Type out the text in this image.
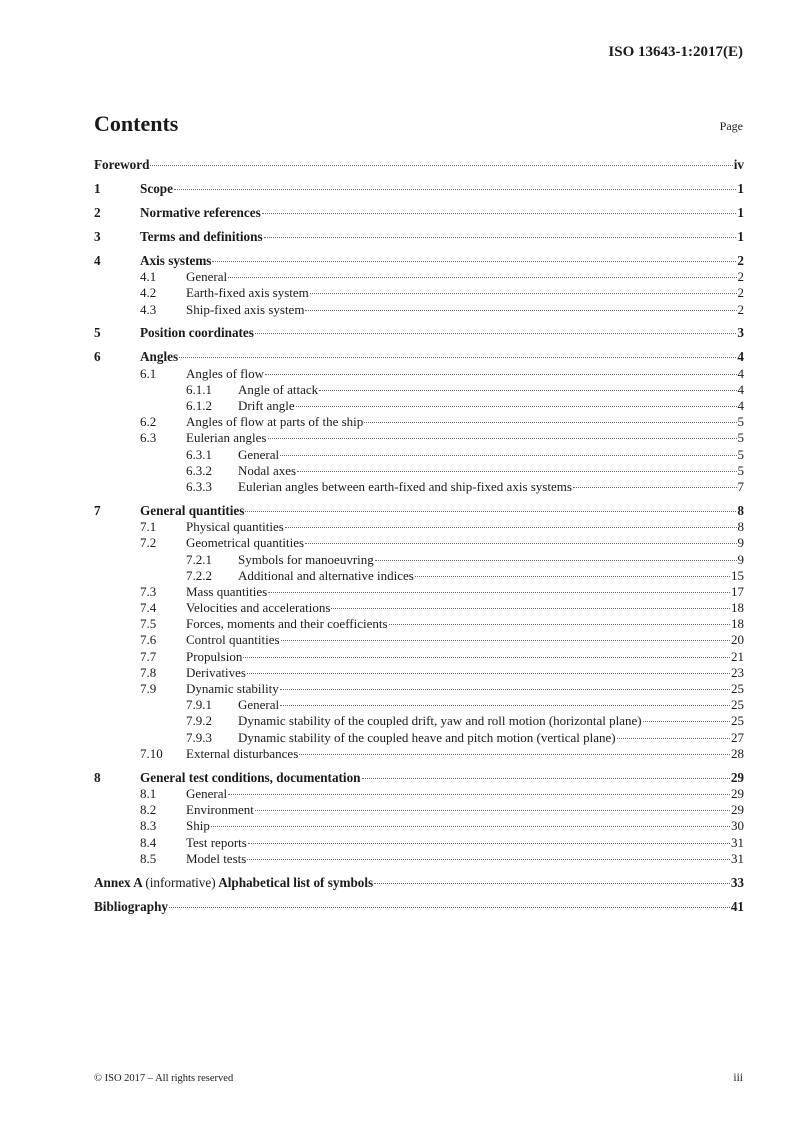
ISO 13643-1:2017(E)
Contents	Page
Foreword	iv
1	Scope	1
2	Normative references	1
3	Terms and definitions	1
4	Axis systems	2
4.1	General	2
4.2	Earth-fixed axis system	2
4.3	Ship-fixed axis system	2
5	Position coordinates	3
6	Angles	4
6.1	Angles of flow	4
6.1.1	Angle of attack	4
6.1.2	Drift angle	4
6.2	Angles of flow at parts of the ship	5
6.3	Eulerian angles	5
6.3.1	General	5
6.3.2	Nodal axes	5
6.3.3	Eulerian angles between earth-fixed and ship-fixed axis systems	7
7	General quantities	8
7.1	Physical quantities	8
7.2	Geometrical quantities	9
7.2.1	Symbols for manoeuvring	9
7.2.2	Additional and alternative indices	15
7.3	Mass quantities	17
7.4	Velocities and accelerations	18
7.5	Forces, moments and their coefficients	18
7.6	Control quantities	20
7.7	Propulsion	21
7.8	Derivatives	23
7.9	Dynamic stability	25
7.9.1	General	25
7.9.2	Dynamic stability of the coupled drift, yaw and roll motion (horizontal plane)	25
7.9.3	Dynamic stability of the coupled heave and pitch motion (vertical plane)	27
7.10	External disturbances	28
8	General test conditions, documentation	29
8.1	General	29
8.2	Environment	29
8.3	Ship	30
8.4	Test reports	31
8.5	Model tests	31
Annex A (informative) Alphabetical list of symbols	33
Bibliography	41
© ISO 2017 – All rights reserved	iii
